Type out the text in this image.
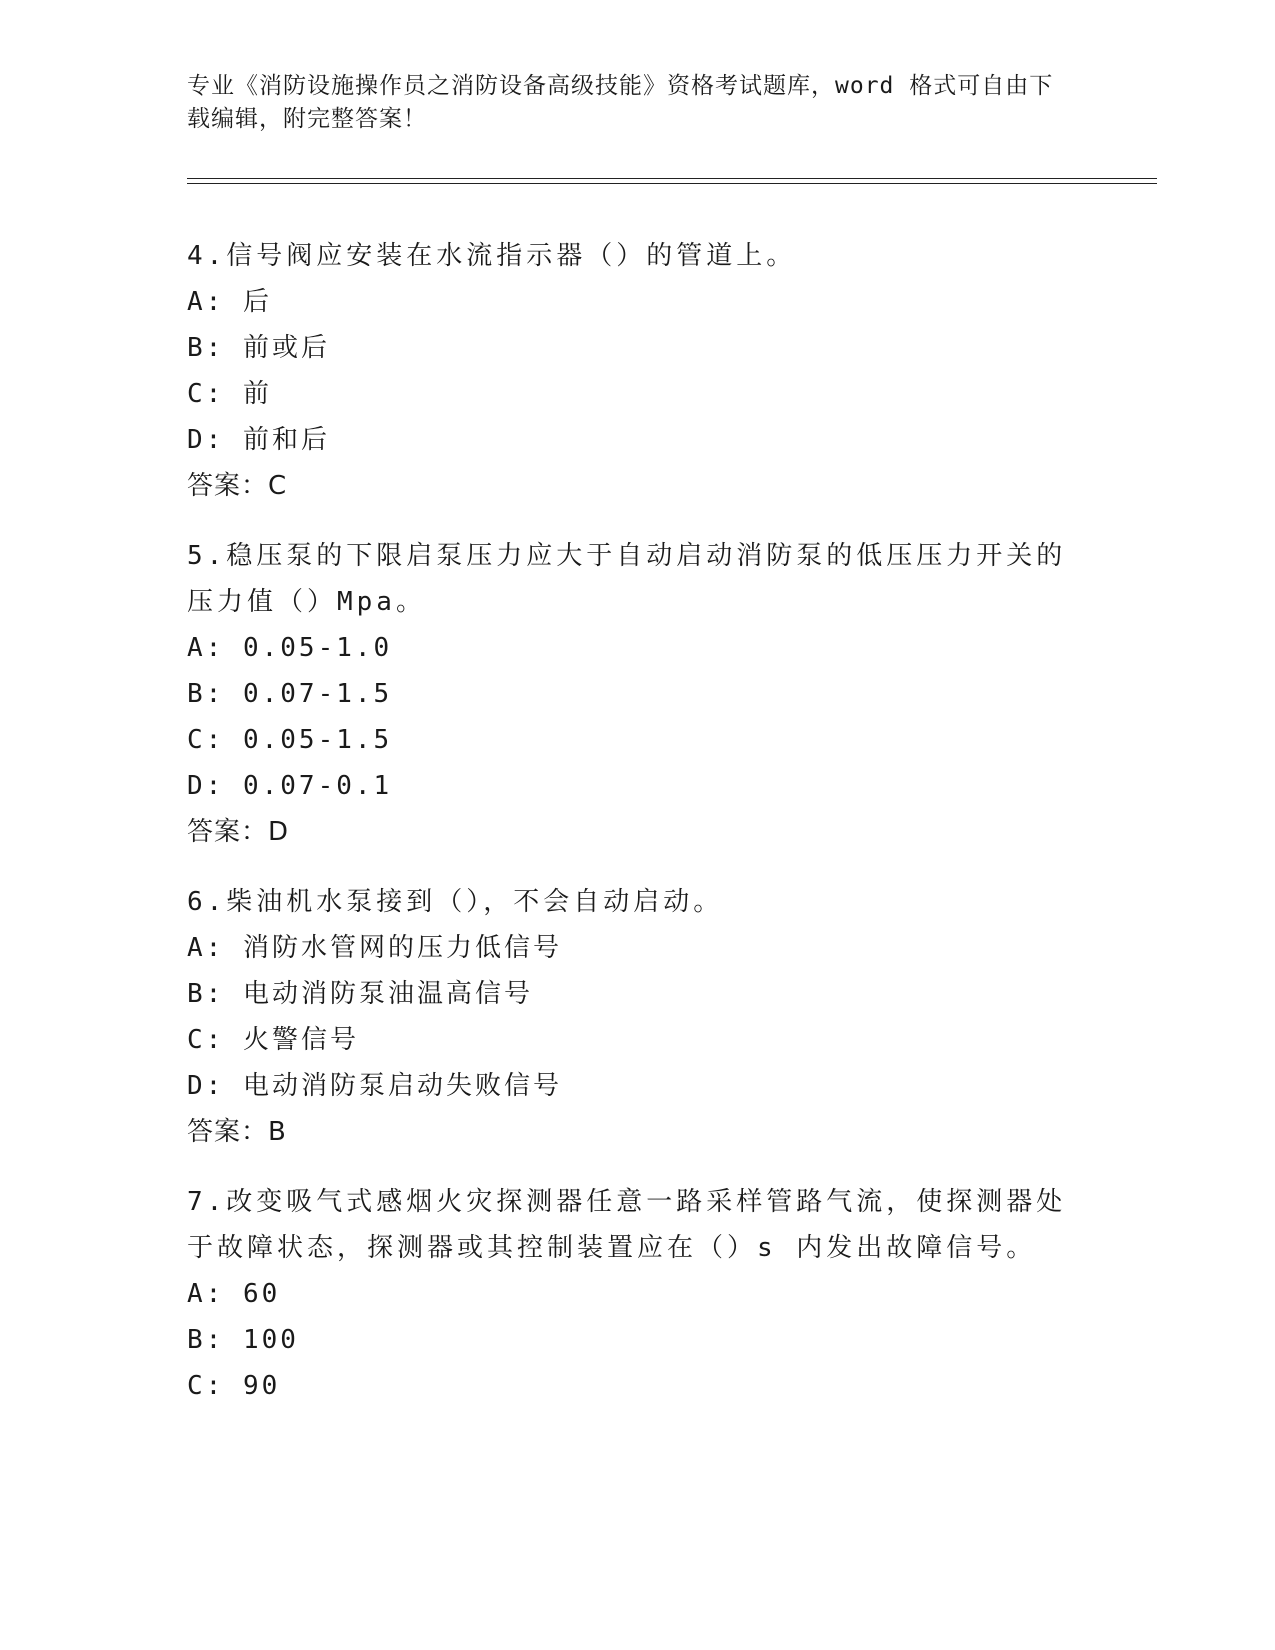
专业《消防设施操作员之消防设备高级技能》资格考试题库，word 格式可自由下
载编辑，附完整答案！

4.信号阀应安装在水流指示器（）的管道上。

A: 后

B: 前或后

C: 前

D: 前和后

答案：C

5.稳压泵的下限启泵压力应大于自动启动消防泵的低压压力开关的压力值（）Mpa。

A: 0.05-1.0

B: 0.07-1.5

C: 0.05-1.5

D: 0.07-0.1

答案：D

6.柴油机水泵接到（），不会自动启动。

A: 消防水管网的压力低信号

B: 电动消防泵油温高信号

C: 火警信号

D: 电动消防泵启动失败信号

答案：B

7.改变吸气式感烟火灾探测器任意一路采样管路气流，使探测器处于故障状态，探测器或其控制装置应在（）s 内发出故障信号。

A: 60

B: 100

C: 90
